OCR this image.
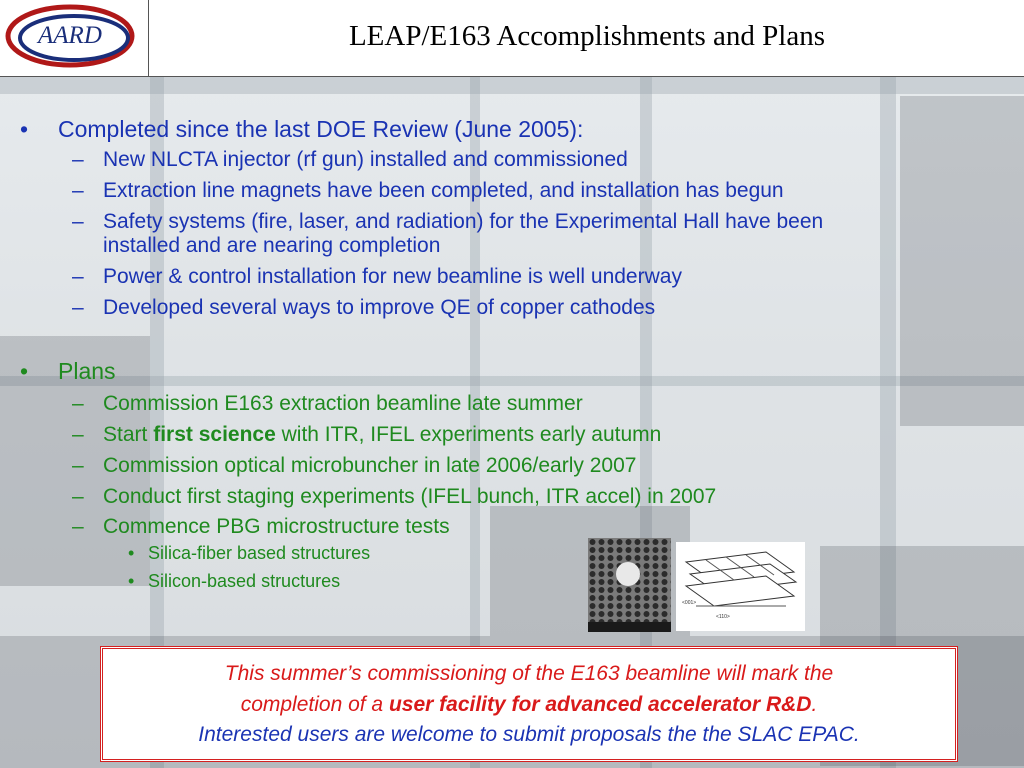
AARD	LEAP/E163 Accomplishments and Plans
• Completed since the last DOE Review (June 2005):
– New NLCTA injector (rf gun) installed and commissioned
– Extraction line magnets have been completed, and installation has begun
– Safety systems (fire, laser, and radiation) for the Experimental Hall have been
installed and are nearing completion
– Power & control installation for new beamline is well underway
– Developed several ways to improve QE of copper cathodes
• Plans
– Commission E163 extraction beamline late summer
– Start first science with ITR, IFEL experiments early autumn
– Commission optical microbuncher in late 2006/early 2007
– Conduct first staging experiments (IFEL bunch, ITR accel) in 2007
– Commence PBG microstructure tests
• Silica-fiber based structures
• Silicon-based structures
<001>
<110>

This summer’s commissioning of the E163 beamline will mark the

completion of a user facility for advanced accelerator R&D.

Interested users are welcome to submit proposals the the SLAC EPAC.
